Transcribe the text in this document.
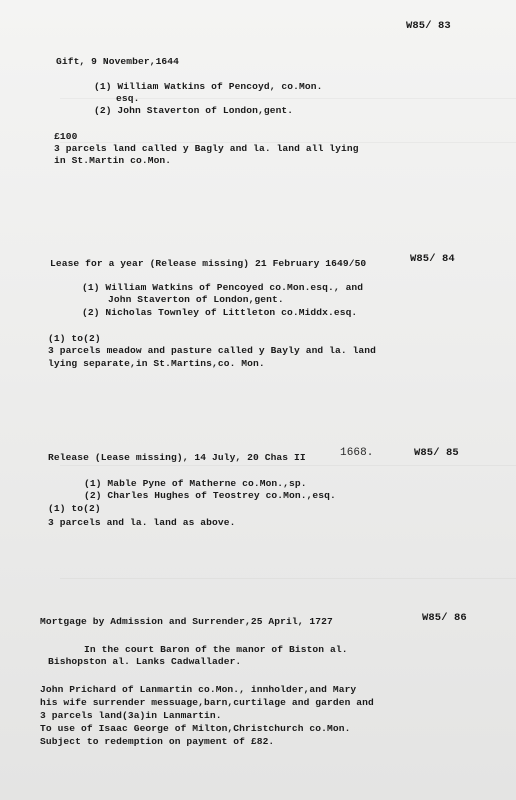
W85/ 83
Gift, 9 November,1644
(1) William Watkins of Pencoyd, co.Mon.
esq.
(2) John Staverton of London,gent.
£100
3 parcels land called y Bagly and la. land all lying
in St.Martin co.Mon.
Lease for a year (Release missing) 21 February 1649/50	W85/ 84
(1) William Watkins of Pencoyed co.Mon.esq., and
John Staverton of London,gent.
(2) Nicholas Townley of Littleton co.Middx.esq.
(1) to(2)
3 parcels meadow and pasture called y Bayly and la. land
lying separate,in St.Martins,co. Mon.
Release (Lease missing), 14 July, 20 Chas II	1668.	W85/ 85
(1) Mable Pyne of Matherne co.Mon.,sp.
(2) Charles Hughes of Teostrey co.Mon.,esq.
(1) to(2)
3 parcels and la. land as above.
Mortgage by Admission and Surrender,25 April, 1727	W85/ 86
In the court Baron of the manor of Biston al.
Bishopston al. Lanks Cadwallader.
John Prichard of Lanmartin co.Mon., innholder,and Mary
his wife surrender messuage,barn,curtilage and garden and
3 parcels land(3a)in Lanmartin.
To use of Isaac George of Milton,Christchurch co.Mon.
Subject to redemption on payment of £82.
